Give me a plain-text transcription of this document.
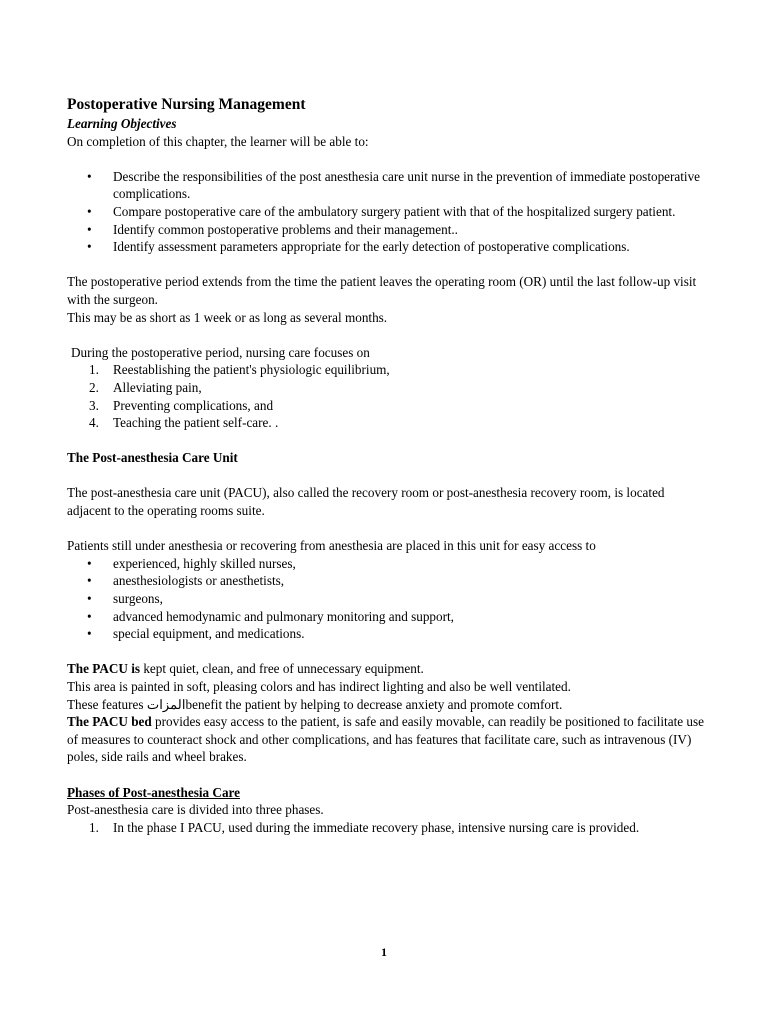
Postoperative Nursing Management

Learning Objectives

On completion of this chapter, the learner will be able to:

• Describe the responsibilities of the post anesthesia care unit nurse in the prevention of immediate postoperative complications.
• Compare postoperative care of the ambulatory surgery patient with that of the hospitalized surgery patient.
• Identify common postoperative problems and their management..
• Identify assessment parameters appropriate for the early detection of postoperative complications.

The postoperative period extends from the time the patient leaves the operating room (OR) until the last follow-up visit with the surgeon.

This may be as short as 1 week or as long as several months.

During the postoperative period, nursing care focuses on

1. Reestablishing the patient's physiologic equilibrium,
2. Alleviating pain,
3. Preventing complications, and
4. Teaching the patient self-care. .

The Post-anesthesia Care Unit

The post-anesthesia care unit (PACU), also called the recovery room or post-anesthesia recovery room, is located adjacent to the operating rooms suite.

Patients still under anesthesia or recovering from anesthesia are placed in this unit for easy access to

• experienced, highly skilled nurses,
• anesthesiologists or anesthetists,
• surgeons,
• advanced hemodynamic and pulmonary monitoring and support,
• special equipment, and medications.

The PACU is kept quiet, clean, and free of unnecessary equipment.

This area is painted in soft, pleasing colors and has indirect lighting and also be well ventilated.

These features المزاتbenefit the patient by helping to decrease anxiety and promote comfort.

The PACU bed provides easy access to the patient, is safe and easily movable, can readily be positioned to facilitate use of measures to counteract shock and other complications, and has features that facilitate care, such as intravenous (IV) poles, side rails and wheel brakes.

Phases of Post-anesthesia Care

Post-anesthesia care is divided into three phases.

1. In the phase I PACU, used during the immediate recovery phase, intensive nursing care is provided.
1
